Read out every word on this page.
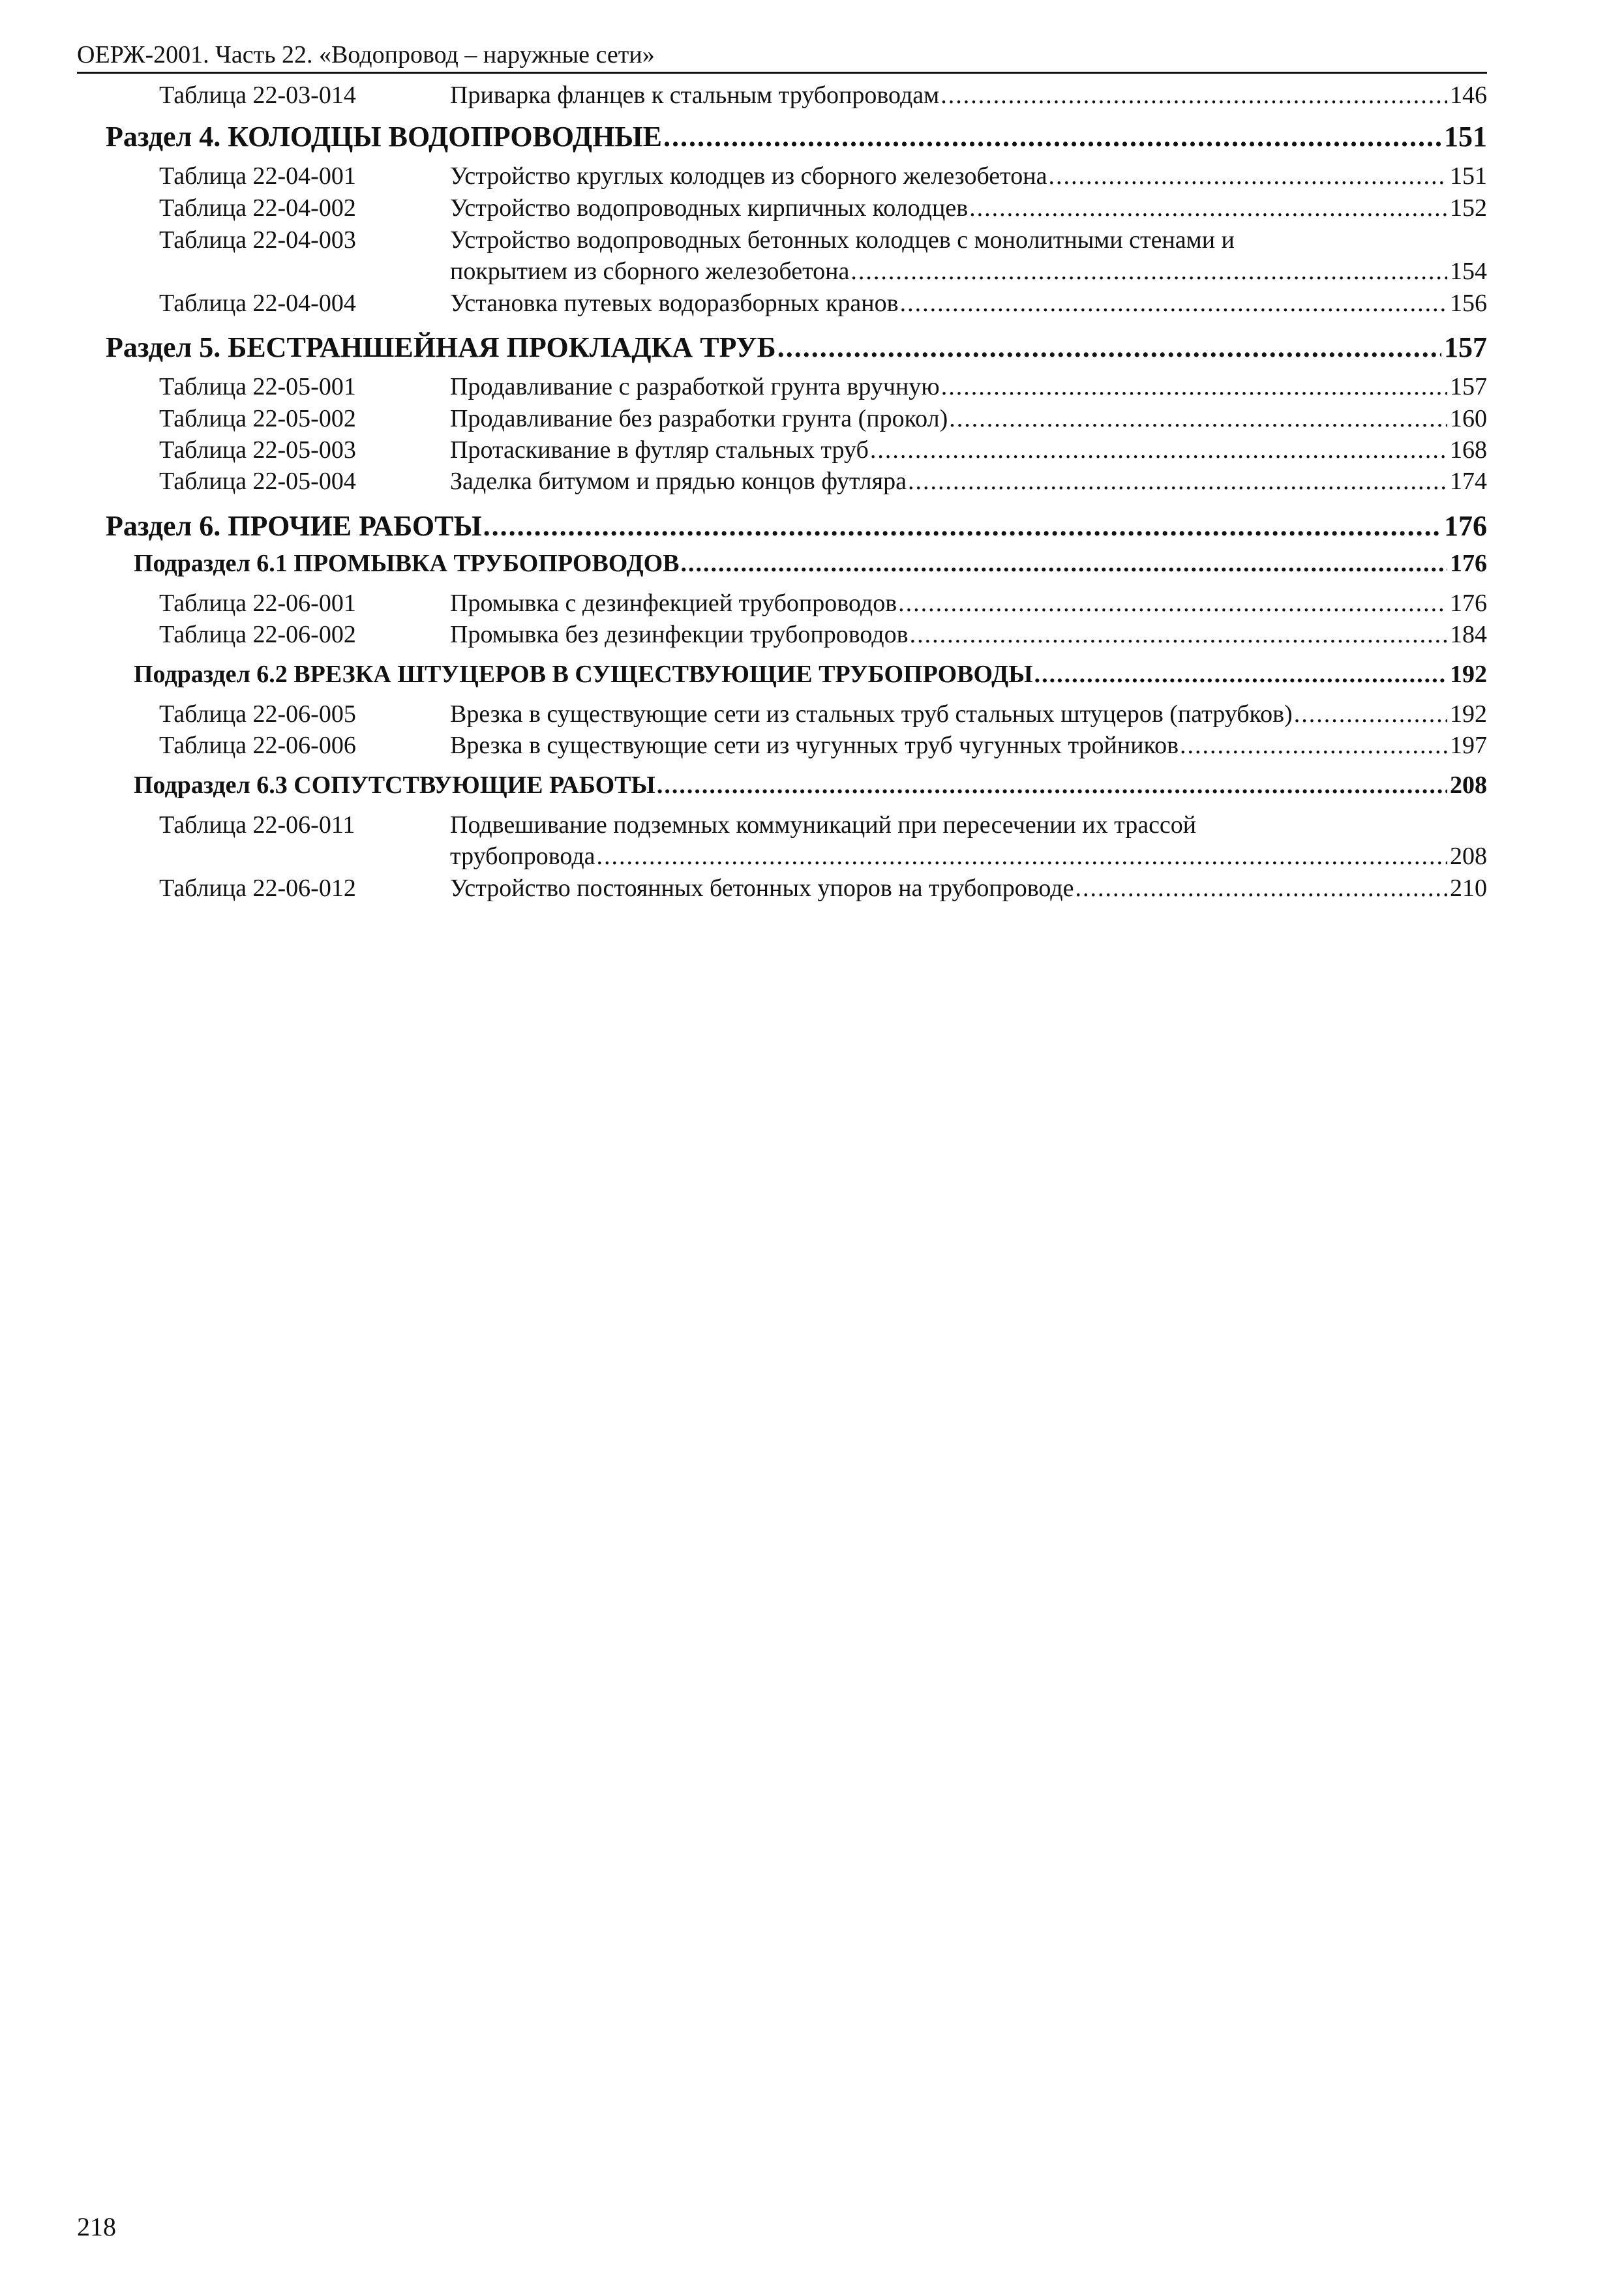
ОЕРЖ-2001. Часть 22. «Водопровод – наружные сети»
Таблица 22-03-014	Приварка фланцев к стальным трубопроводам .....	146
Раздел 4. КОЛОДЦЫ ВОДОПРОВОДНЫЕ .....	151
Таблица 22-04-001	Устройство круглых колодцев из сборного железобетона .....	151
Таблица 22-04-002	Устройство водопроводных кирпичных колодцев .....	152
Таблица 22-04-003	Устройство водопроводных бетонных колодцев с монолитными стенами и
покрытием из сборного железобетона .....	154
Таблица 22-04-004	Установка путевых водоразборных кранов .....	156
Раздел 5. БЕСТРАНШЕЙНАЯ ПРОКЛАДКА ТРУБ .....	157
Таблица 22-05-001	Продавливание с разработкой грунта вручную .....	157
Таблица 22-05-002	Продавливание без разработки грунта (прокол) .....	160
Таблица 22-05-003	Протаскивание в футляр стальных труб .....	168
Таблица 22-05-004	Заделка битумом и прядью концов футляра .....	174
Раздел 6. ПРОЧИЕ РАБОТЫ .....	176
Подраздел 6.1 ПРОМЫВКА ТРУБОПРОВОДОВ .....	176
Таблица 22-06-001	Промывка с дезинфекцией трубопроводов .....	176
Таблица 22-06-002	Промывка без дезинфекции трубопроводов .....	184
Подраздел 6.2 ВРЕЗКА ШТУЦЕРОВ В СУЩЕСТВУЮЩИЕ ТРУБОПРОВОДЫ .....	192
Таблица 22-06-005	Врезка в существующие сети из стальных труб стальных штуцеров (патрубков) .....	192
Таблица 22-06-006	Врезка в существующие сети из чугунных труб чугунных тройников .....	197
Подраздел 6.3 СОПУТСТВУЮЩИЕ РАБОТЫ .....	208
Таблица 22-06-011	Подвешивание подземных коммуникаций при пересечении их трассой
трубопровода .....	208
Таблица 22-06-012	Устройство постоянных бетонных упоров на трубопроводе .....	210
218
